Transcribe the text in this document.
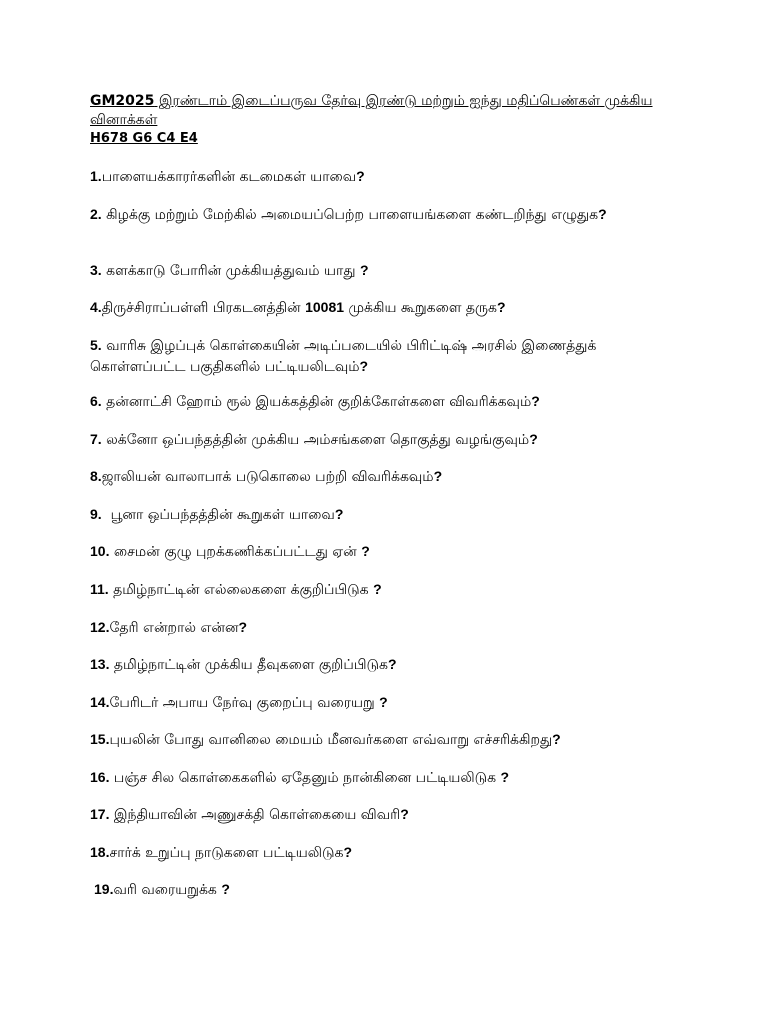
GM2025 இரண்டாம் இடைப்பருவ தேர்வு இரண்டு மற்றும் ஐந்து மதிப்பெண்கள் முக்கிய வினாக்கள்
H678 G6 C4 E4
1.பாளையக்காரர்களின் கடமைகள் யாவை?
2. கிழக்கு மற்றும் மேற்கில் அமையப்பெற்ற பாளையங்களை கண்டறிந்து எழுதுக?
3. களக்காடு போரின் முக்கியத்துவம் யாது ?
4.திருச்சிராப்பள்ளி பிரகடனத்தின் 10081 முக்கிய கூறுகளை தருக?
5. வாரிசு இழப்புக் கொள்கையின் அடிப்படையில் பிரிட்டிஷ் அரசில் இணைத்துக் கொள்ளப்பட்ட பகுதிகளில் பட்டியலிடவும்?
6. தன்னாட்சி ஹோம் ரூல் இயக்கத்தின் குறிக்கோள்களை விவரிக்கவும்?
7. லக்னோ ஒப்பந்தத்தின் முக்கிய அம்சங்களை தொகுத்து வழங்குவும்?
8.ஜாலியன் வாலாபாக் படுகொலை பற்றி விவரிக்கவும்?
9.  பூனா ஒப்பந்தத்தின் கூறுகள் யாவை?
10. சைமன் குழு புறக்கணிக்கப்பட்டது ஏன் ?
11. தமிழ்நாட்டின் எல்லைகளை க்குறிப்பிடுக ?
12.தேரி என்றால் என்ன?
13. தமிழ்நாட்டின் முக்கிய தீவுகளை குறிப்பிடுக?
14.பேரிடர் அபாய நேர்வு குறைப்பு வரையறு ?
15.புயலின் போது வானிலை மையம் மீனவர்களை எவ்வாறு எச்சரிக்கிறது?
16. பஞ்ச சில கொள்கைகளில் ஏதேனும் நான்கினை பட்டியலிடுக ?
17. இந்தியாவின் அணுசக்தி கொள்கையை விவரி?
18.சார்க் உறுப்பு நாடுகளை பட்டியலிடுக?
19.வரி வரையறுக்க ?
